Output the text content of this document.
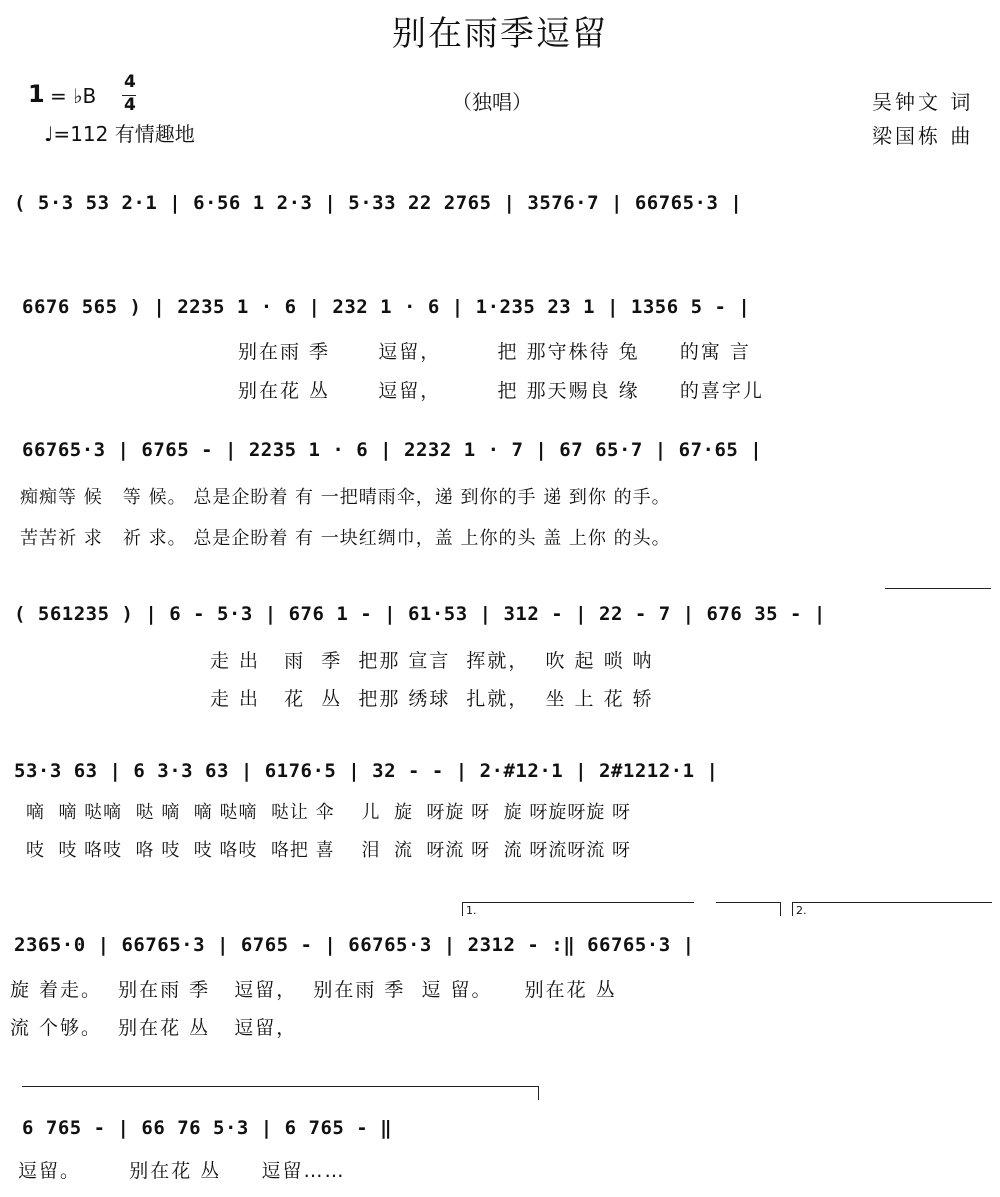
别在雨季逗留
1 = ♭B
4
4
♩=112 有情趣地
（独唱）	吴钟文 词
梁国栋 曲
( 5·3 53 2·1 | 6·56 1 2·3 | 5·33 22 2765 | 3576·7 | 66765·3 |
6676 565 ) | 2235 1 · 6 | 232 1 · 6 | 1·235 23 1 | 1356 5 - |
别在雨 季      逗留，       把 那守株待 兔     的寓 言
别在花 丛      逗留，       把 那天赐良 缘     的喜字儿
66765·3 | 6765 - | 2235 1 · 6 | 2232 1 · 7 | 67 65·7 | 67·65 |
痴痴等 候   等 候。 总是企盼着 有 一把晴雨伞，递 到你的手 递 到你 的手。
苦苦祈 求   祈 求。 总是企盼着 有 一块红绸巾，盖 上你的头 盖 上你 的头。
( 561235 ) | 6 - 5·3 | 676 1 - | 61·53 | 312 - | 22 - 7 | 676 35 - |
走 出   雨  季  把那 宣言  挥就，  吹 起 唢 呐
走 出   花  丛  把那 绣球  扎就，  坐 上 花 轿
53·3 63 | 6 3·3 63 | 6176·5 | 32 - - | 2·#12·1 | 2#1212·1 |
嘀  嘀 哒嘀  哒 嘀  嘀 哒嘀  哒让 伞    儿  旋  呀旋 呀  旋 呀旋呀旋 呀
吱  吱 咯吱  咯 吱  吱 咯吱  咯把 喜    泪  流  呀流 呀  流 呀流呀流 呀
1.	2.
2365·0 | 66765·3 | 6765 - | 66765·3 | 2312 - :‖ 66765·3 |
旋 着走。  别在雨 季   逗留，  别在雨 季  逗 留。    别在花 丛
流 个够。  别在花 丛   逗留，
6 765 - | 66 76 5·3 | 6 765 - ‖
逗留。      别在花 丛     逗留……
